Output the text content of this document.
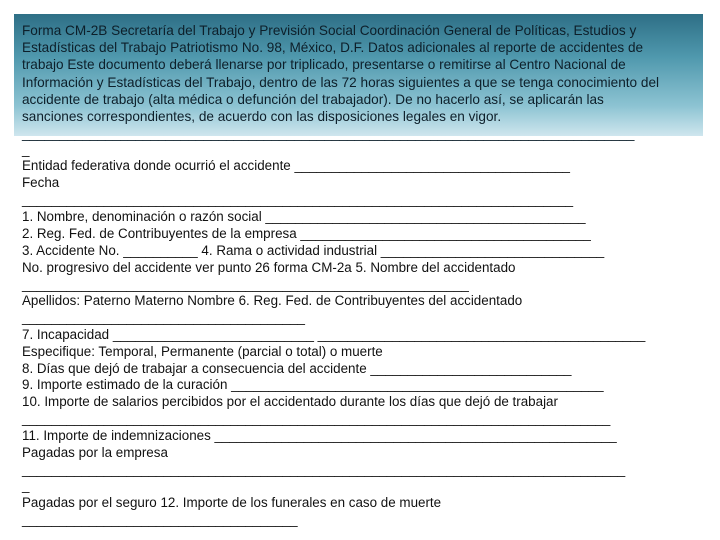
Forma CM-2B Secretaría del Trabajo y Previsión Social Coordinación General de Políticas, Estudios y
Estadísticas del Trabajo Patriotismo No. 98, México, D.F. Datos adicionales al reporte de accidentes de
trabajo Este documento deberá llenarse por triplicado, presentarse o remitirse al Centro Nacional de
Información y Estadísticas del Trabajo, dentro de las 72 horas siguientes a que se tenga conocimiento del
accidente de trabajo (alta médica o defunción del trabajador). De no hacerlo así, se aplicarán las
sanciones correspondientes, de acuerdo con las disposiciones legales en vigor.
_________________________________________________________________________________
_
Entidad federativa donde ocurrió el accidente _____________________________________
Fecha
__________________________________________________________________________
1. Nombre, denominación o razón social ___________________________________________
2. Reg. Fed. de Contribuyentes de la empresa _______________________________________
3. Accidente No. __________ 4. Rama o actividad industrial ______________________________
No. progresivo del accidente ver punto 26 forma CM-2a 5. Nombre del accidentado
____________________________________________________________
Apellidos: Paterno Materno Nombre 6. Reg. Fed. de Contribuyentes del accidentado
______________________________________
7. Incapacidad ___________________________ ____________________________________________
Especifique: Temporal, Permanente (parcial o total) o muerte
8. Días que dejó de trabajar a consecuencia del accidente ___________________________
9. Importe estimado de la curación __________________________________________________
10. Importe de salarios percibidos por el accidentado durante los días que dejó de trabajar
_______________________________________________________________________________
11. Importe de indemnizaciones ______________________________________________________
Pagadas por la empresa
_________________________________________________________________________________
_
Pagadas por el seguro 12. Importe de los funerales en caso de muerte
_____________________________________
